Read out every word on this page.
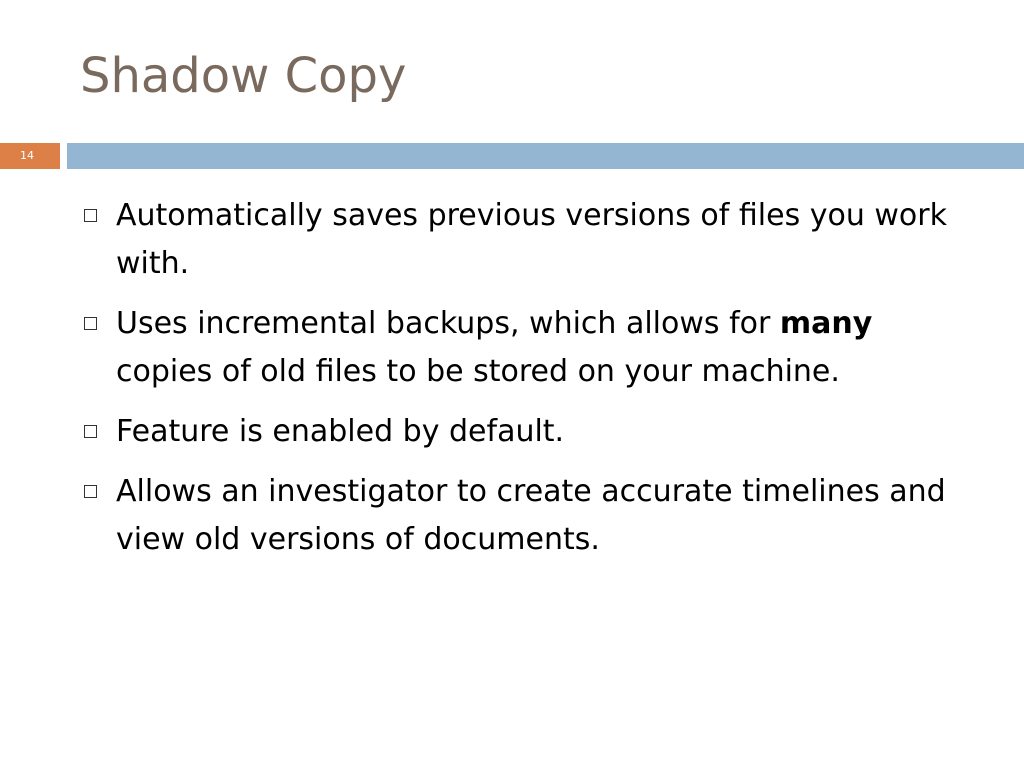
Shadow Copy
14
Automatically saves previous versions of files you work with.
Uses incremental backups, which allows for many copies of old files to be stored on your machine.
Feature is enabled by default.
Allows an investigator to create accurate timelines and view old versions of documents.
